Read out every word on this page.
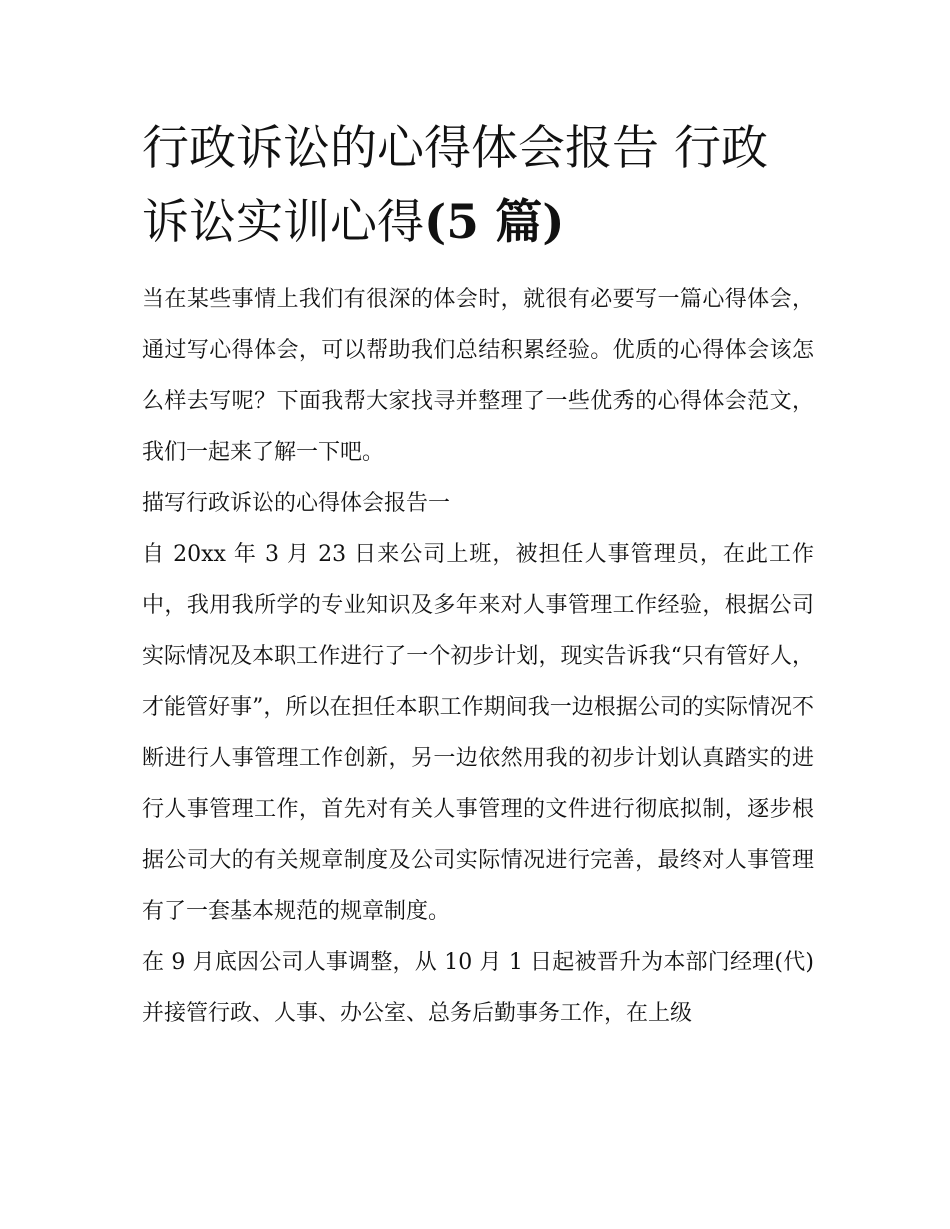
行政诉讼的心得体会报告 行政
诉讼实训心得(5 篇)

当在某些事情上我们有很深的体会时，就很有必要写一篇心得体会，通过写心得体会，可以帮助我们总结积累经验。优质的心得体会该怎么样去写呢？下面我帮大家找寻并整理了一些优秀的心得体会范文，我们一起来了解一下吧。

描写行政诉讼的心得体会报告一

自 20xx 年 3 月 23 日来公司上班，被担任人事管理员，在此工作中，我用我所学的专业知识及多年来对人事管理工作经验，根据公司实际情况及本职工作进行了一个初步计划，现实告诉我“只有管好人，才能管好事”，所以在担任本职工作期间我一边根据公司的实际情况不断进行人事管理工作创新，另一边依然用我的初步计划认真踏实的进行人事管理工作，首先对有关人事管理的文件进行彻底拟制，逐步根据公司大的有关规章制度及公司实际情况进行完善，最终对人事管理有了一套基本规范的规章制度。

在 9 月底因公司人事调整，从 10 月 1 日起被晋升为本部门经理(代)并接管行政、人事、办公室、总务后勤事务工作，在上级
